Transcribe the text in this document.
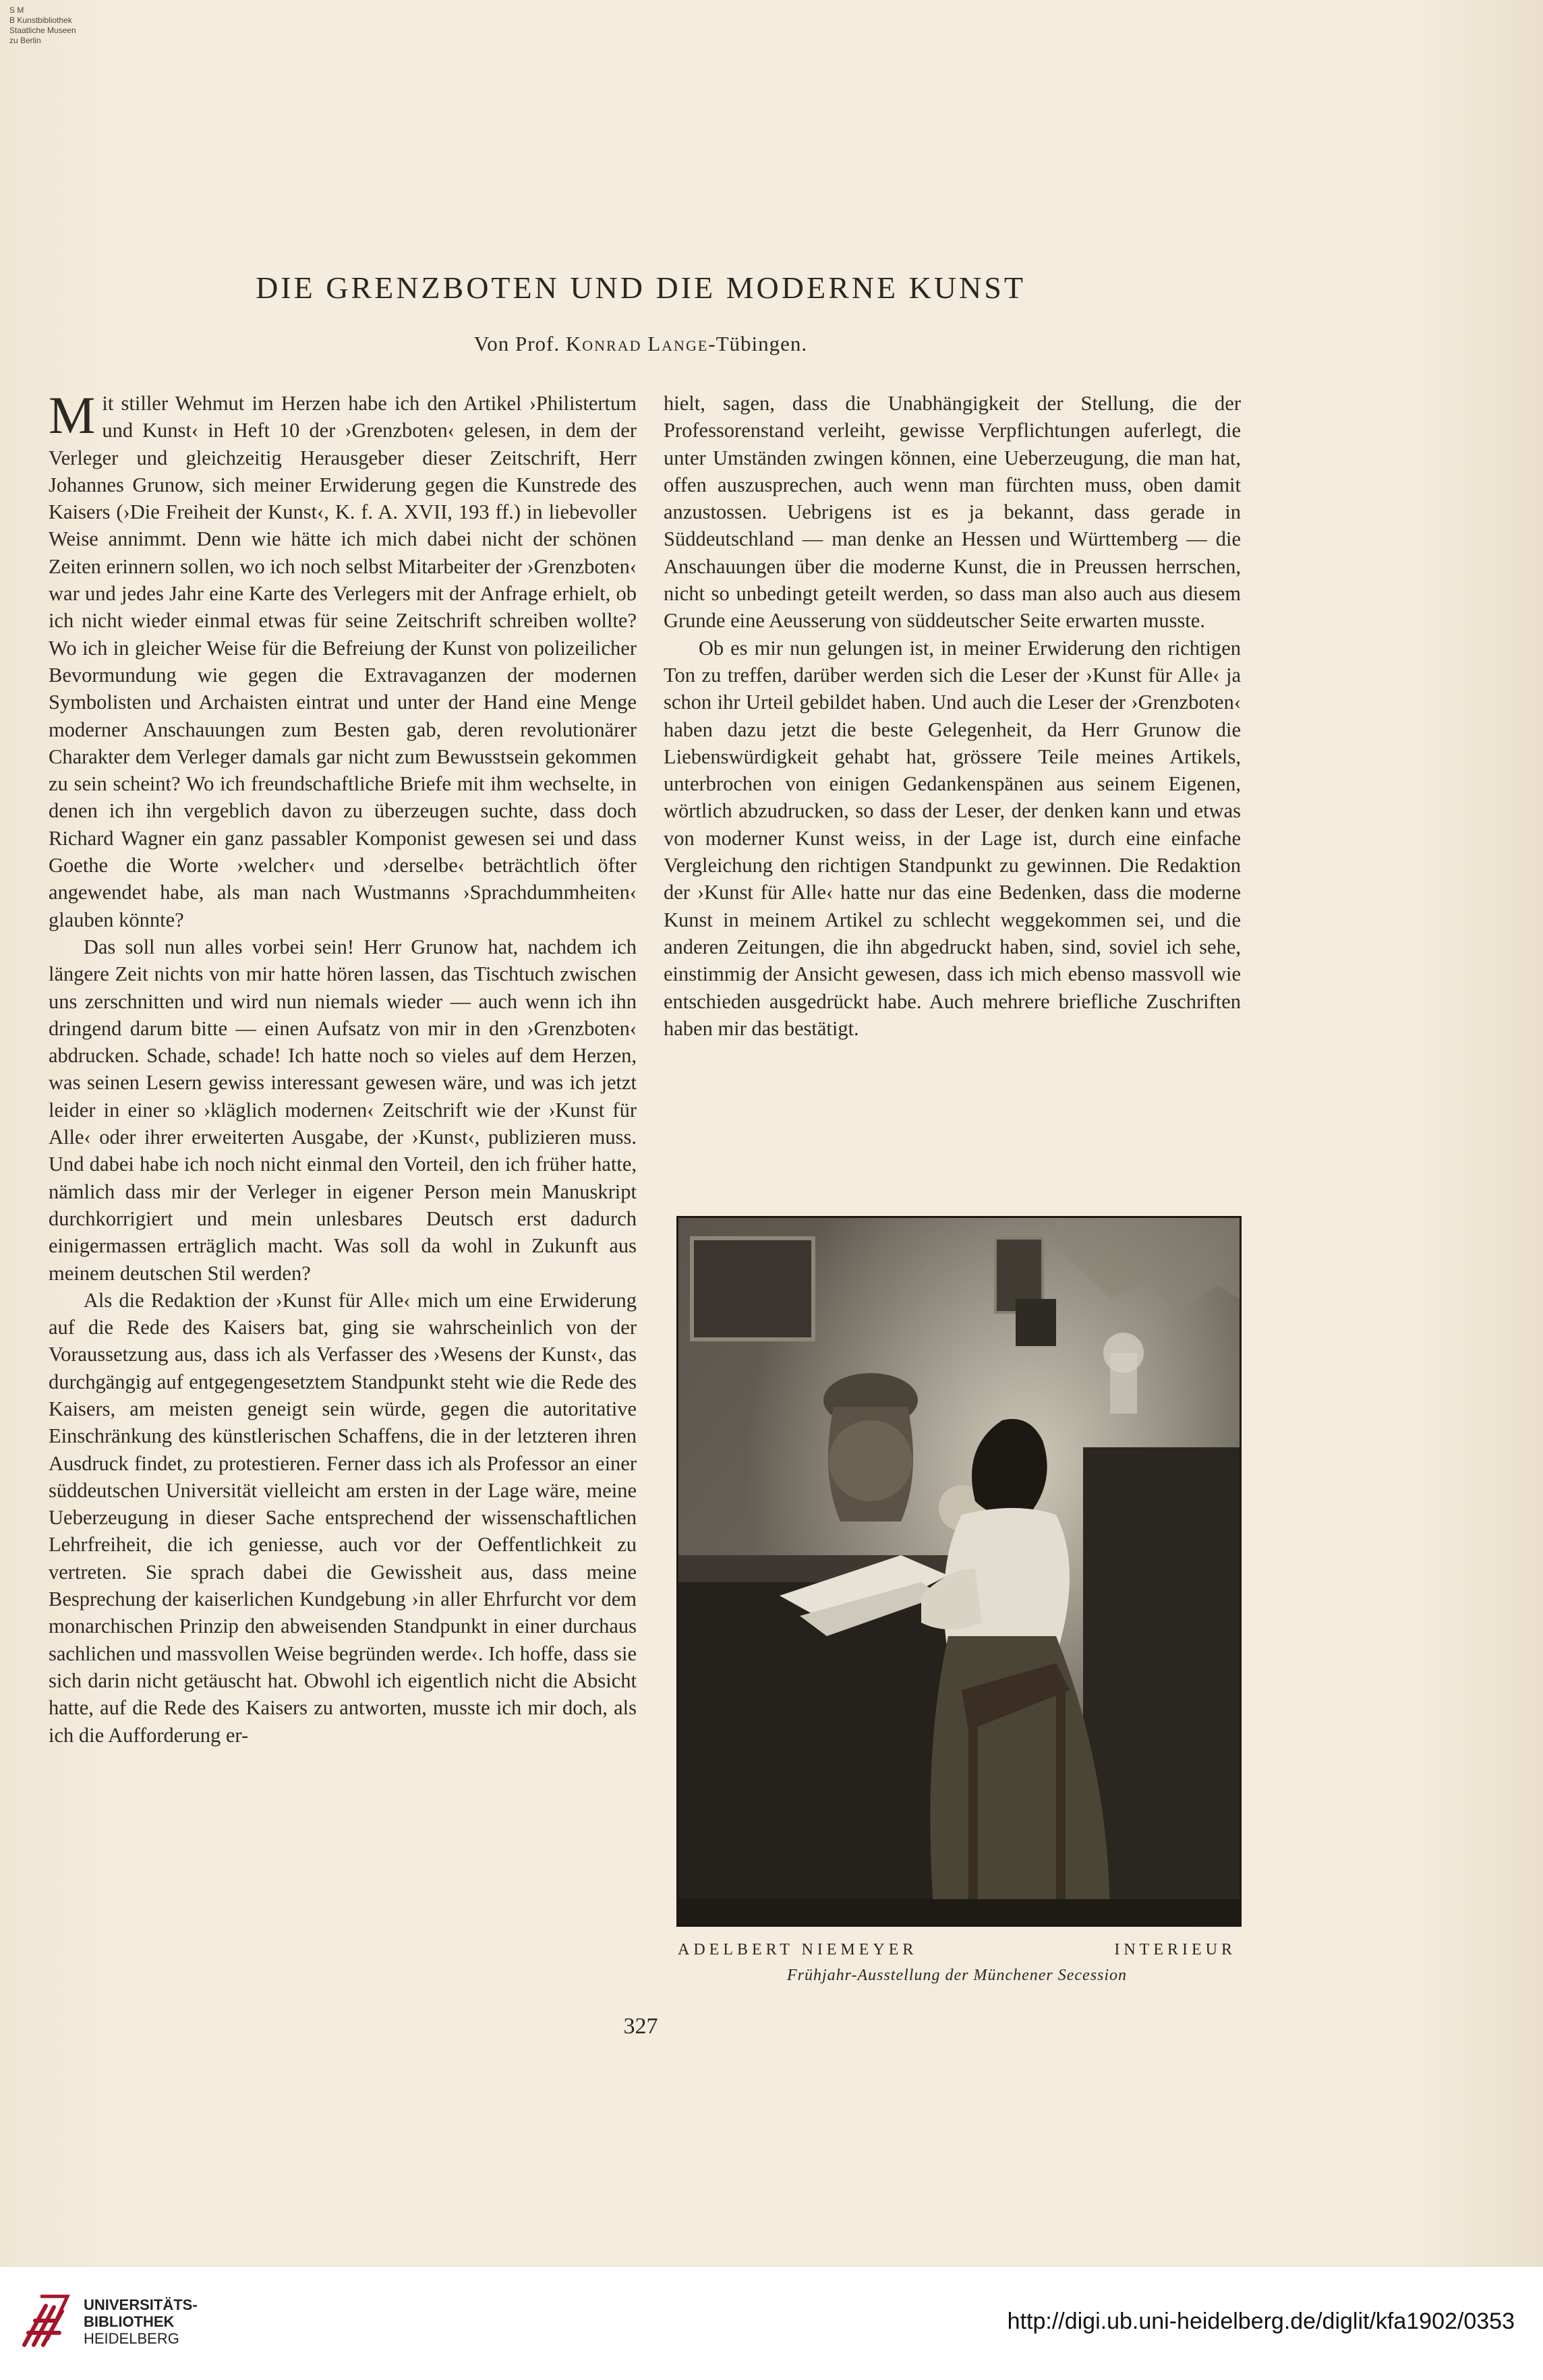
S M
B Kunstbibliothek
Staatliche Museen
zu Berlin
DIE GRENZBOTEN UND DIE MODERNE KUNST
Von Prof. Konrad Lange-Tübingen.

Mit stiller Wehmut im Herzen habe ich den Artikel ›Philistertum und Kunst‹ in Heft 10 der ›Grenzboten‹ gelesen, in dem der Verleger und gleichzeitig Herausgeber dieser Zeitschrift, Herr Johannes Grunow, sich meiner Erwiderung gegen die Kunstrede des Kaisers (›Die Freiheit der Kunst‹, K. f. A. XVII, 193 ff.) in liebevoller Weise annimmt. Denn wie hätte ich mich dabei nicht der schönen Zeiten erinnern sollen, wo ich noch selbst Mitarbeiter der ›Grenzboten‹ war und jedes Jahr eine Karte des Verlegers mit der Anfrage erhielt, ob ich nicht wieder einmal etwas für seine Zeitschrift schreiben wollte? Wo ich in gleicher Weise für die Befreiung der Kunst von polizeilicher Bevormundung wie gegen die Extravaganzen der modernen Symbolisten und Archaisten eintrat und unter der Hand eine Menge moderner Anschauungen zum Besten gab, deren revolutionärer Charakter dem Verleger damals gar nicht zum Bewusstsein gekommen zu sein scheint? Wo ich freundschaftliche Briefe mit ihm wechselte, in denen ich ihn vergeblich davon zu überzeugen suchte, dass doch Richard Wagner ein ganz passabler Komponist gewesen sei und dass Goethe die Worte ›welcher‹ und ›derselbe‹ beträchtlich öfter angewendet habe, als man nach Wustmanns ›Sprachdummheiten‹ glauben könnte?

Das soll nun alles vorbei sein! Herr Grunow hat, nachdem ich längere Zeit nichts von mir hatte hören lassen, das Tischtuch zwischen uns zerschnitten und wird nun niemals wieder — auch wenn ich ihn dringend darum bitte — einen Aufsatz von mir in den ›Grenzboten‹ abdrucken. Schade, schade! Ich hatte noch so vieles auf dem Herzen, was seinen Lesern gewiss interessant gewesen wäre, und was ich jetzt leider in einer so ›kläglich modernen‹ Zeitschrift wie der ›Kunst für Alle‹ oder ihrer erweiterten Ausgabe, der ›Kunst‹, publizieren muss. Und dabei habe ich noch nicht einmal den Vorteil, den ich früher hatte, nämlich dass mir der Verleger in eigener Person mein Manuskript durchkorrigiert und mein unlesbares Deutsch erst dadurch einigermassen erträglich macht. Was soll da wohl in Zukunft aus meinem deutschen Stil werden?

Als die Redaktion der ›Kunst für Alle‹ mich um eine Erwiderung auf die Rede des Kaisers bat, ging sie wahrscheinlich von der Voraussetzung aus, dass ich als Verfasser des ›Wesens der Kunst‹, das durchgängig auf entgegengesetztem Standpunkt steht wie die Rede des Kaisers, am meisten geneigt sein würde, gegen die autoritative Einschränkung des künstlerischen Schaffens, die in der letzteren ihren Ausdruck findet, zu protestieren. Ferner dass ich als Professor an einer süddeutschen Universität vielleicht am ersten in der Lage wäre, meine Ueberzeugung in dieser Sache entsprechend der wissenschaftlichen Lehrfreiheit, die ich geniesse, auch vor der Oeffentlichkeit zu vertreten. Sie sprach dabei die Gewissheit aus, dass meine Besprechung der kaiserlichen Kundgebung ›in aller Ehrfurcht vor dem monarchischen Prinzip den abweisenden Standpunkt in einer durchaus sachlichen und massvollen Weise begründen werde‹. Ich hoffe, dass sie sich darin nicht getäuscht hat. Obwohl ich eigentlich nicht die Absicht hatte, auf die Rede des Kaisers zu antworten, musste ich mir doch, als ich die Aufforderung er-

hielt, sagen, dass die Unabhängigkeit der Stellung, die der Professorenstand verleiht, gewisse Verpflichtungen auferlegt, die unter Umständen zwingen können, eine Ueberzeugung, die man hat, offen auszusprechen, auch wenn man fürchten muss, oben damit anzustossen. Uebrigens ist es ja bekannt, dass gerade in Süddeutschland — man denke an Hessen und Württemberg — die Anschauungen über die moderne Kunst, die in Preussen herrschen, nicht so unbedingt geteilt werden, so dass man also auch aus diesem Grunde eine Aeusserung von süddeutscher Seite erwarten musste.

Ob es mir nun gelungen ist, in meiner Erwiderung den richtigen Ton zu treffen, darüber werden sich die Leser der ›Kunst für Alle‹ ja schon ihr Urteil gebildet haben. Und auch die Leser der ›Grenzboten‹ haben dazu jetzt die beste Gelegenheit, da Herr Grunow die Liebenswürdigkeit gehabt hat, grössere Teile meines Artikels, unterbrochen von einigen Gedankenspänen aus seinem Eigenen, wörtlich abzudrucken, so dass der Leser, der denken kann und etwas von moderner Kunst weiss, in der Lage ist, durch eine einfache Vergleichung den richtigen Standpunkt zu gewinnen. Die Redaktion der ›Kunst für Alle‹ hatte nur das eine Bedenken, dass die moderne Kunst in meinem Artikel zu schlecht weggekommen sei, und die anderen Zeitungen, die ihn abgedruckt haben, sind, soviel ich sehe, einstimmig der Ansicht gewesen, dass ich mich ebenso massvoll wie entschieden ausgedrückt habe. Auch mehrere briefliche Zuschriften haben mir das bestätigt.

ADELBERT NIEMEYER	INTERIEUR
Frühjahr-Ausstellung der Münchener Secession
327
UNIVERSITÄTS-
BIBLIOTHEK
HEIDELBERG
http://digi.ub.uni-heidelberg.de/diglit/kfa1902/0353
